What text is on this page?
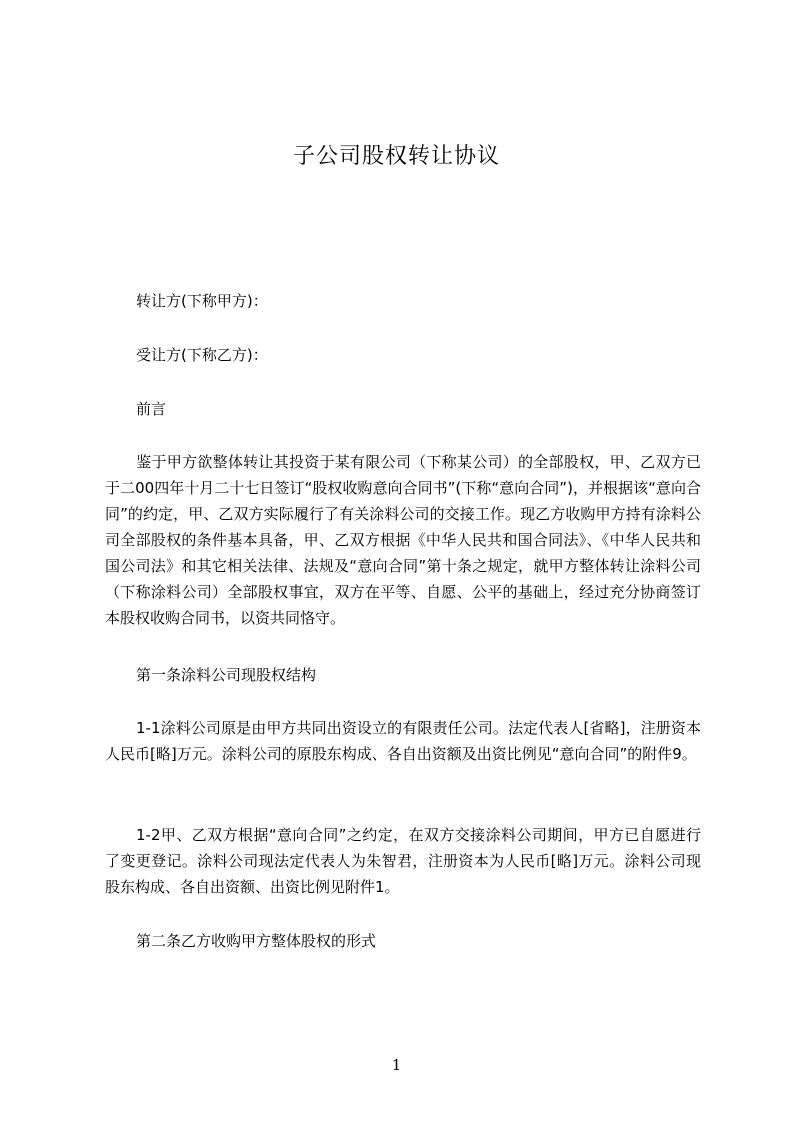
子公司股权转让协议
转让方(下称甲方)：
受让方(下称乙方)：
前言
鉴于甲方欲整体转让其投资于某有限公司（下称某公司）的全部股权，甲、乙双方已于二00四年十月二十七日签订“股权收购意向合同书”(下称“意向合同”)，并根据该“意向合同”的约定，甲、乙双方实际履行了有关涂料公司的交接工作。现乙方收购甲方持有涂料公司全部股权的条件基本具备，甲、乙双方根据《中华人民共和国合同法》、《中华人民共和国公司法》和其它相关法律、法规及“意向合同”第十条之规定，就甲方整体转让涂料公司（下称涂料公司）全部股权事宜，双方在平等、自愿、公平的基础上，经过充分协商签订本股权收购合同书，以资共同恪守。
第一条涂料公司现股权结构
1-1涂料公司原是由甲方共同出资设立的有限责任公司。法定代表人[省略]，注册资本人民币[略]万元。涂料公司的原股东构成、各自出资额及出资比例见“意向合同”的附件9。
1-2甲、乙双方根据“意向合同”之约定，在双方交接涂料公司期间，甲方已自愿进行了变更登记。涂料公司现法定代表人为朱智君，注册资本为人民币[略]万元。涂料公司现股东构成、各自出资额、出资比例见附件1。
第二条乙方收购甲方整体股权的形式
1
